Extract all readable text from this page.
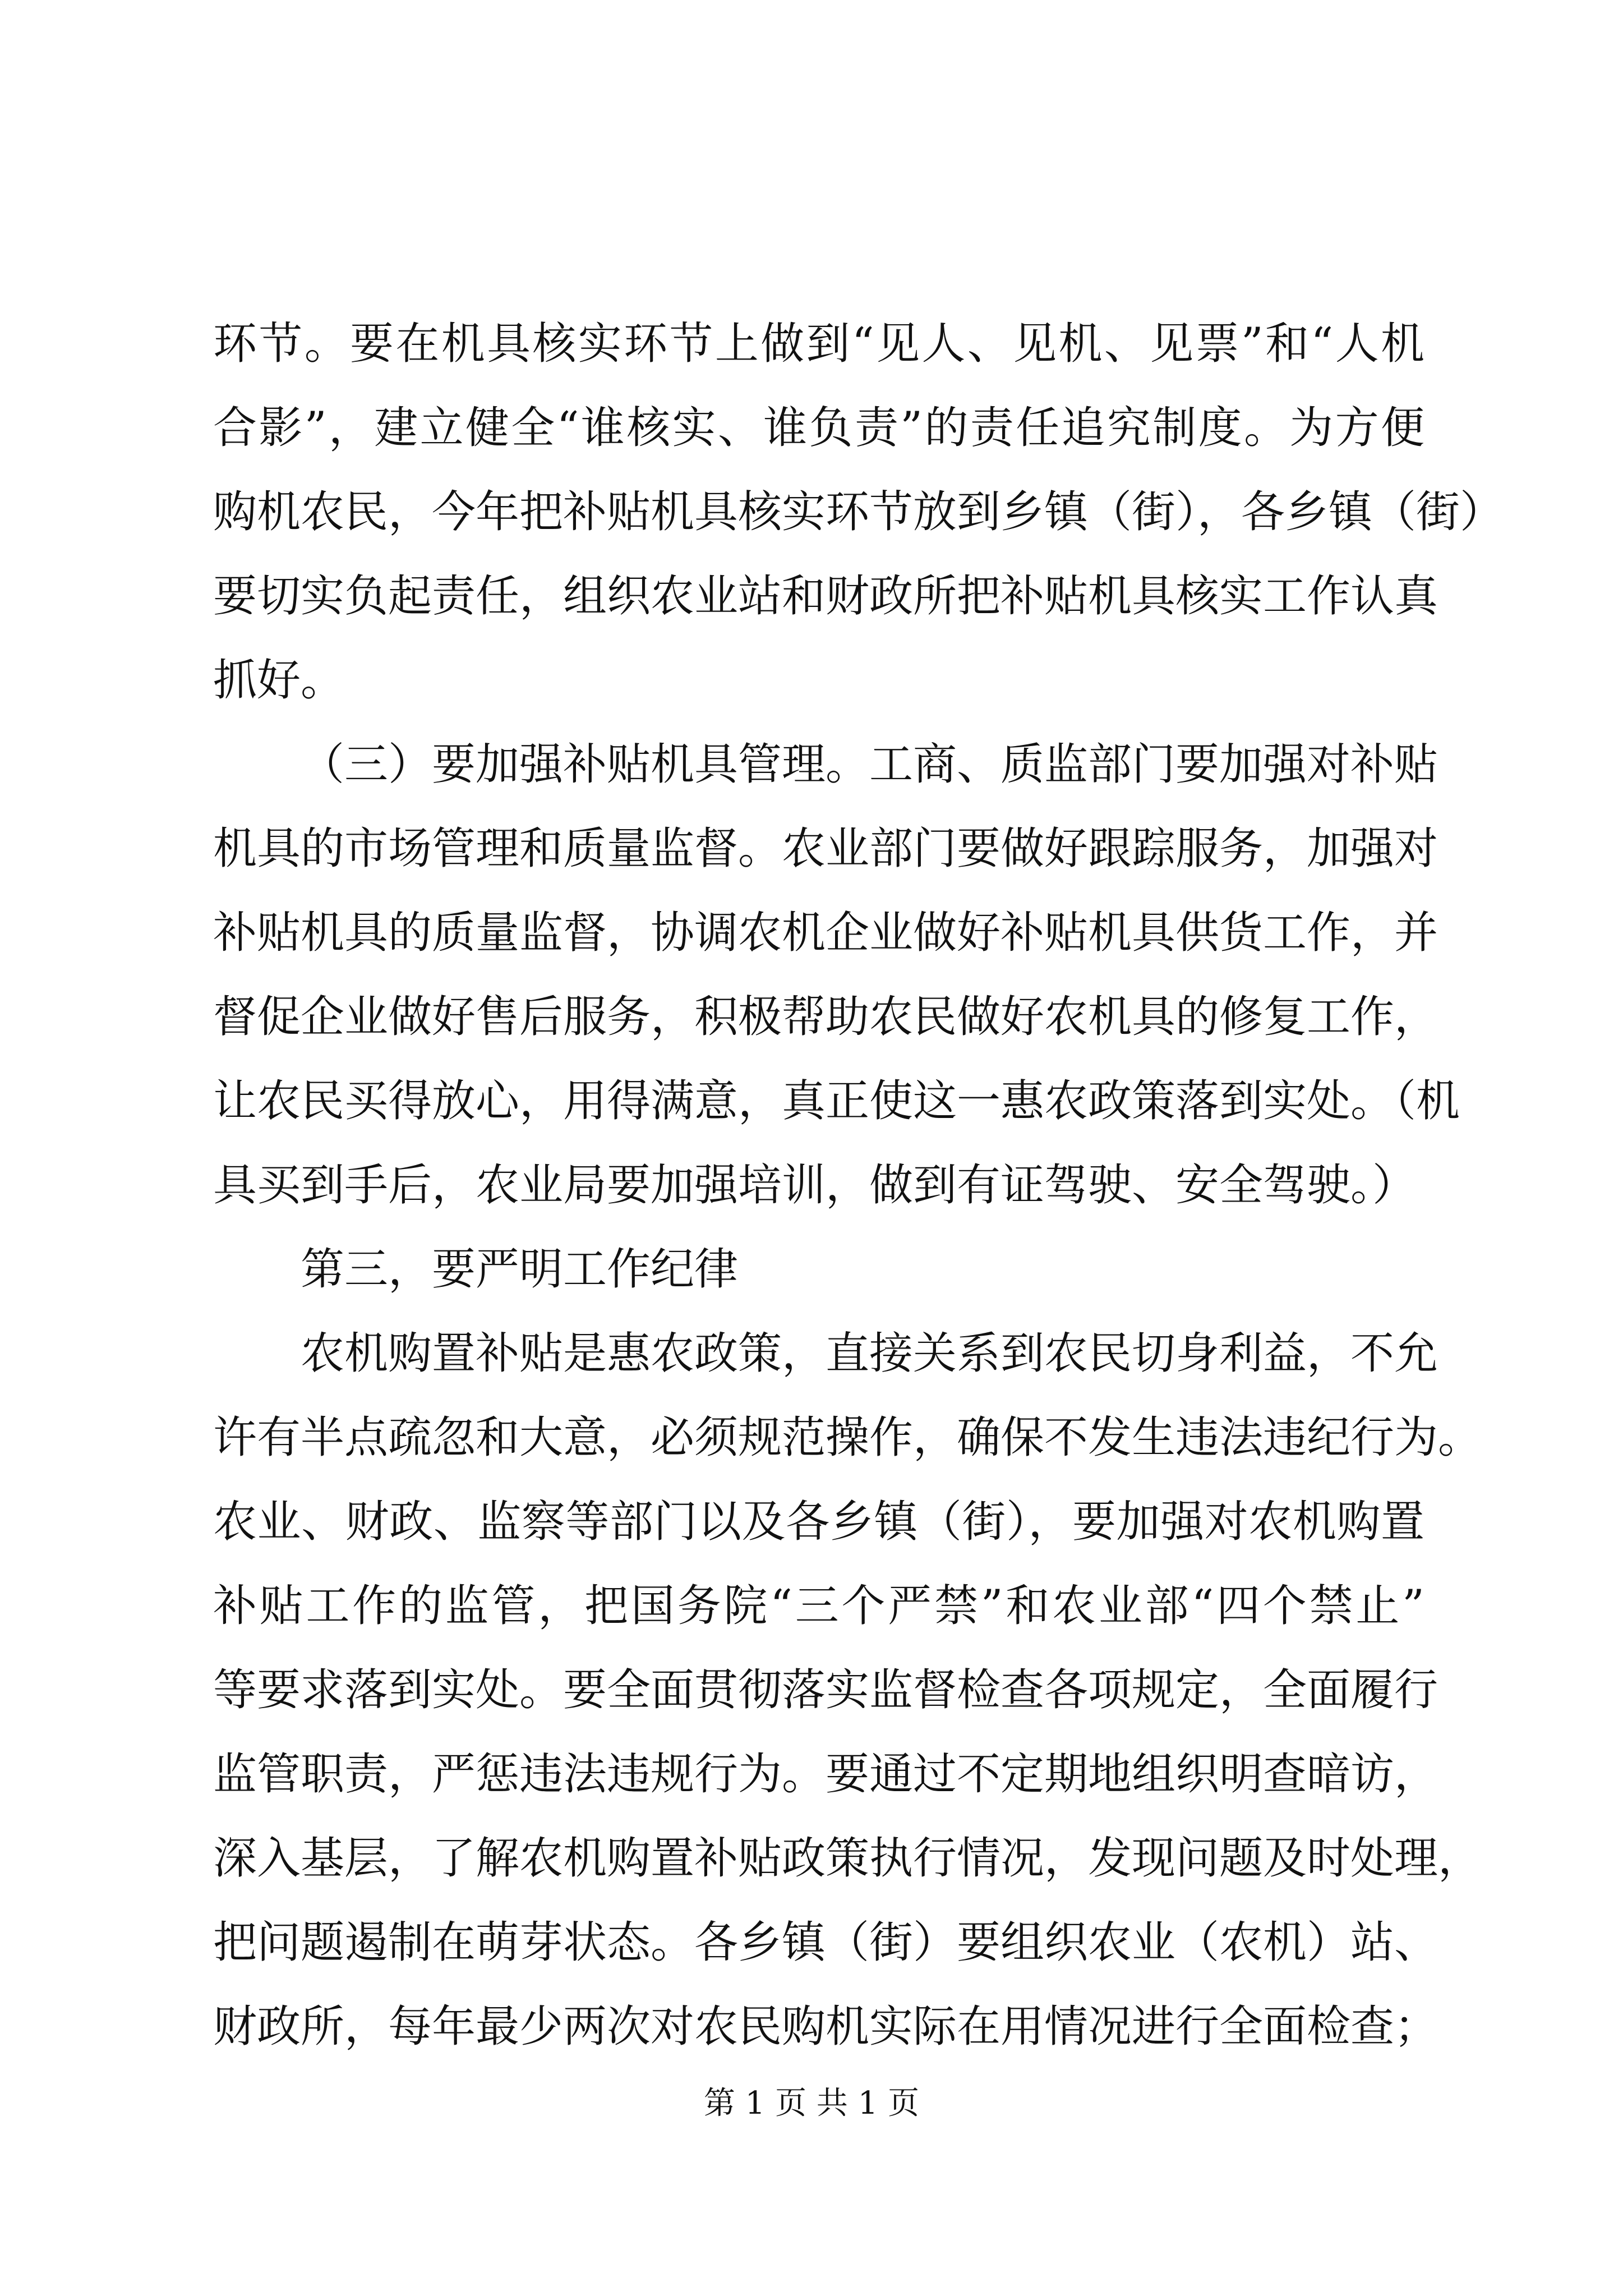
环节。要在机具核实环节上做到“见人、见机、见票”和“人机
合影”，建立健全“谁核实、谁负责”的责任追究制度。为方便
购机农民，今年把补贴机具核实环节放到乡镇（街），各乡镇（街）
要切实负起责任，组织农业站和财政所把补贴机具核实工作认真
抓好。
（三）要加强补贴机具管理。工商、质监部门要加强对补贴
机具的市场管理和质量监督。农业部门要做好跟踪服务，加强对
补贴机具的质量监督，协调农机企业做好补贴机具供货工作，并
督促企业做好售后服务，积极帮助农民做好农机具的修复工作，
让农民买得放心，用得满意，真正使这一惠农政策落到实处。（机
具买到手后，农业局要加强培训，做到有证驾驶、安全驾驶。）
第三，要严明工作纪律
农机购置补贴是惠农政策，直接关系到农民切身利益，不允
许有半点疏忽和大意，必须规范操作，确保不发生违法违纪行为。
农业、财政、监察等部门以及各乡镇（街），要加强对农机购置
补贴工作的监管，把国务院“三个严禁”和农业部“四个禁止”
等要求落到实处。要全面贯彻落实监督检查各项规定，全面履行
监管职责，严惩违法违规行为。要通过不定期地组织明查暗访，
深入基层，了解农机购置补贴政策执行情况，发现问题及时处理，
把问题遏制在萌芽状态。各乡镇（街）要组织农业（农机）站、
财政所，每年最少两次对农民购机实际在用情况进行全面检查；
第 1 页 共 1 页
